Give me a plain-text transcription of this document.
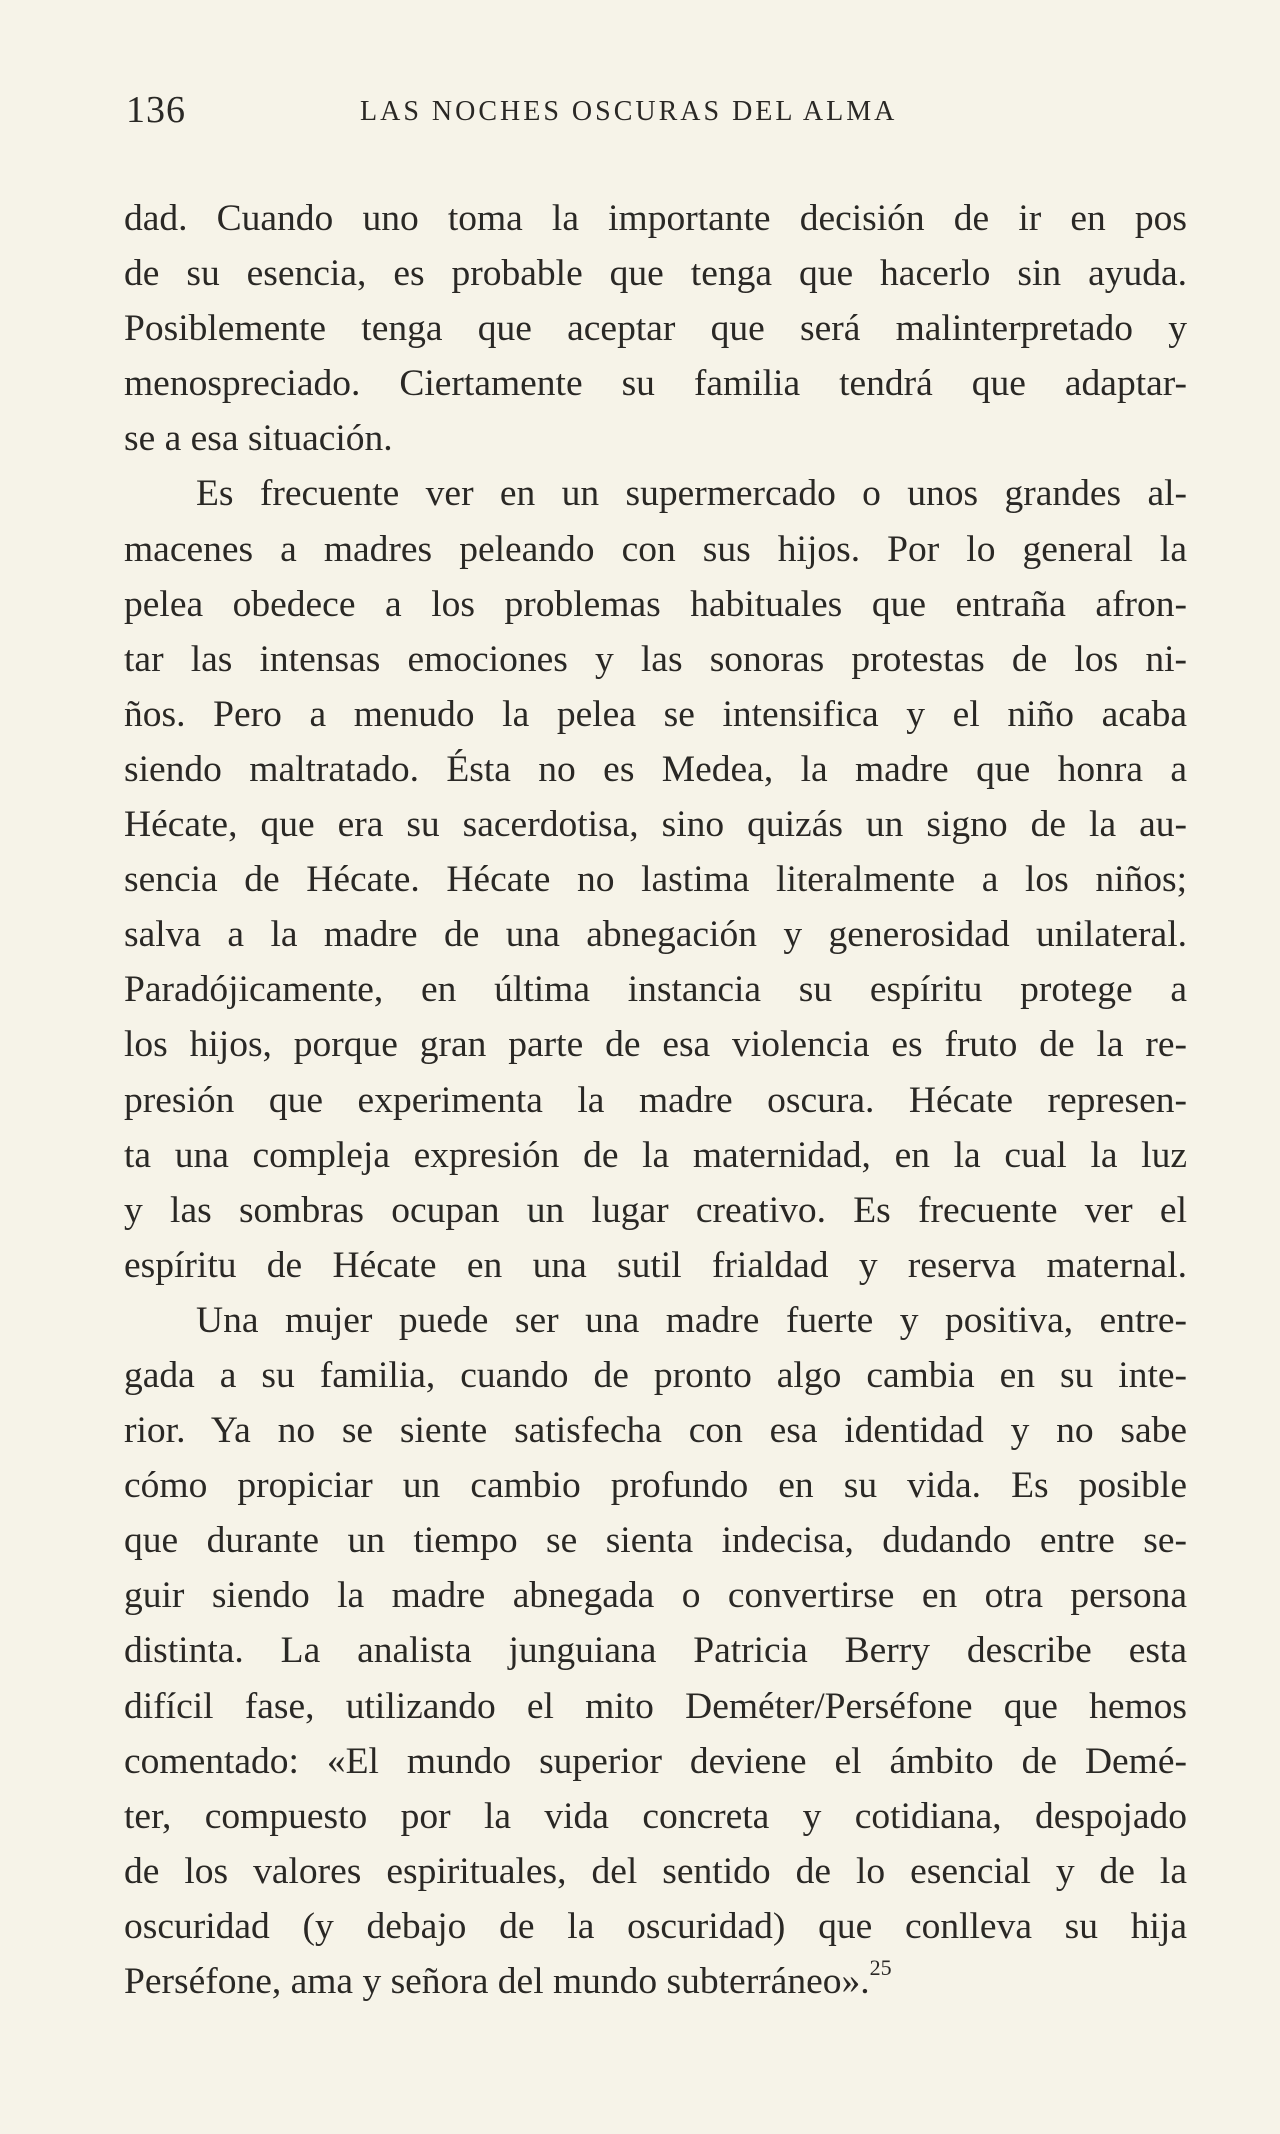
136	LAS NOCHES OSCURAS DEL ALMA
dad. Cuando uno toma la importante decisión de ir en pos
de su esencia, es probable que tenga que hacerlo sin ayuda.
Posiblemente tenga que aceptar que será malinterpretado y
menospreciado. Ciertamente su familia tendrá que adaptar-
se a esa situación.
Es frecuente ver en un supermercado o unos grandes al-
macenes a madres peleando con sus hijos. Por lo general la
pelea obedece a los problemas habituales que entraña afron-
tar las intensas emociones y las sonoras protestas de los ni-
ños. Pero a menudo la pelea se intensifica y el niño acaba
siendo maltratado. Ésta no es Medea, la madre que honra a
Hécate, que era su sacerdotisa, sino quizás un signo de la au-
sencia de Hécate. Hécate no lastima literalmente a los niños;
salva a la madre de una abnegación y generosidad unilateral.
Paradójicamente, en última instancia su espíritu protege a
los hijos, porque gran parte de esa violencia es fruto de la re-
presión que experimenta la madre oscura. Hécate represen-
ta una compleja expresión de la maternidad, en la cual la luz
y las sombras ocupan un lugar creativo. Es frecuente ver el
espíritu de Hécate en una sutil frialdad y reserva maternal.
Una mujer puede ser una madre fuerte y positiva, entre-
gada a su familia, cuando de pronto algo cambia en su inte-
rior. Ya no se siente satisfecha con esa identidad y no sabe
cómo propiciar un cambio profundo en su vida. Es posible
que durante un tiempo se sienta indecisa, dudando entre se-
guir siendo la madre abnegada o convertirse en otra persona
distinta. La analista junguiana Patricia Berry describe esta
difícil fase, utilizando el mito Deméter/Perséfone que hemos
comentado: «El mundo superior deviene el ámbito de Demé-
ter, compuesto por la vida concreta y cotidiana, despojado
de los valores espirituales, del sentido de lo esencial y de la
oscuridad (y debajo de la oscuridad) que conlleva su hija
Perséfone, ama y señora del mundo subterráneo».$^{25}$
